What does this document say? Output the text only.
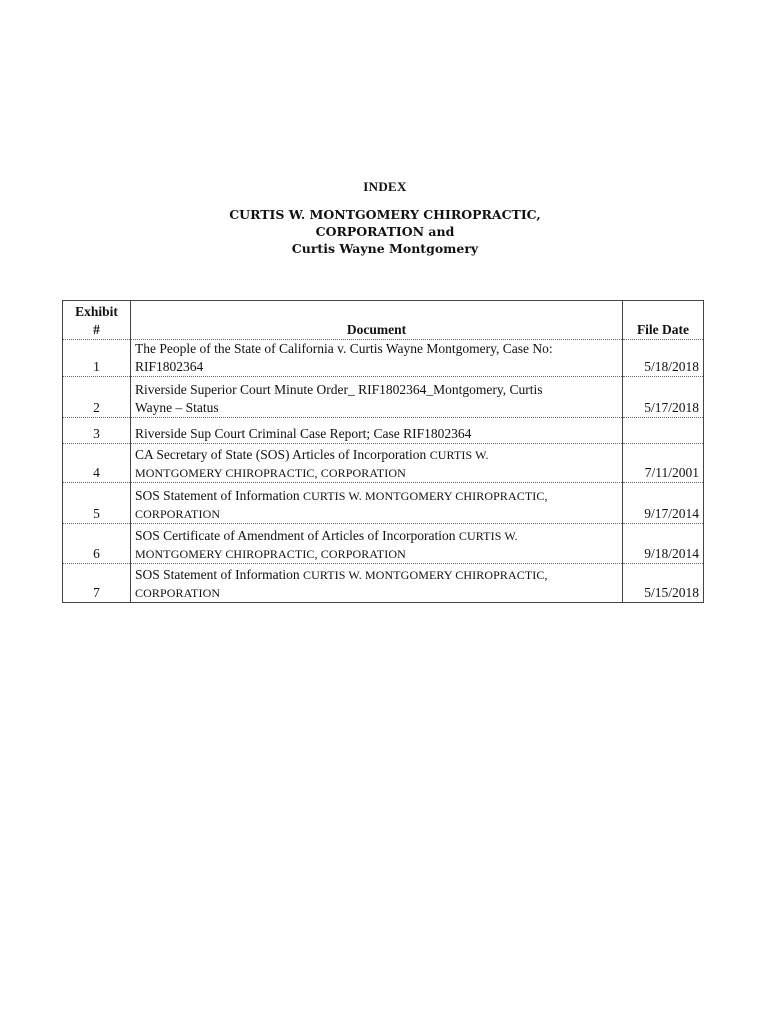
INDEX
CURTIS W. MONTGOMERY CHIROPRACTIC,
CORPORATION and
Curtis Wayne Montgomery
Exhibit
#	Document	File Date
1	The People of the State of California v. Curtis Wayne Montgomery, Case No:
RIF1802364	5/18/2018
2	Riverside Superior Court Minute Order_ RIF1802364_Montgomery, Curtis
Wayne – Status	5/17/2018
3	Riverside Sup Court Criminal Case Report; Case RIF1802364	
4	CA Secretary of State (SOS) Articles of Incorporation CURTIS W.
MONTGOMERY CHIROPRACTIC, CORPORATION	7/11/2001
5	SOS Statement of Information CURTIS W. MONTGOMERY CHIROPRACTIC,
CORPORATION	9/17/2014
6	SOS Certificate of Amendment of Articles of Incorporation CURTIS W.
MONTGOMERY CHIROPRACTIC, CORPORATION	9/18/2014
7	SOS Statement of Information CURTIS W. MONTGOMERY CHIROPRACTIC,
CORPORATION	5/15/2018
